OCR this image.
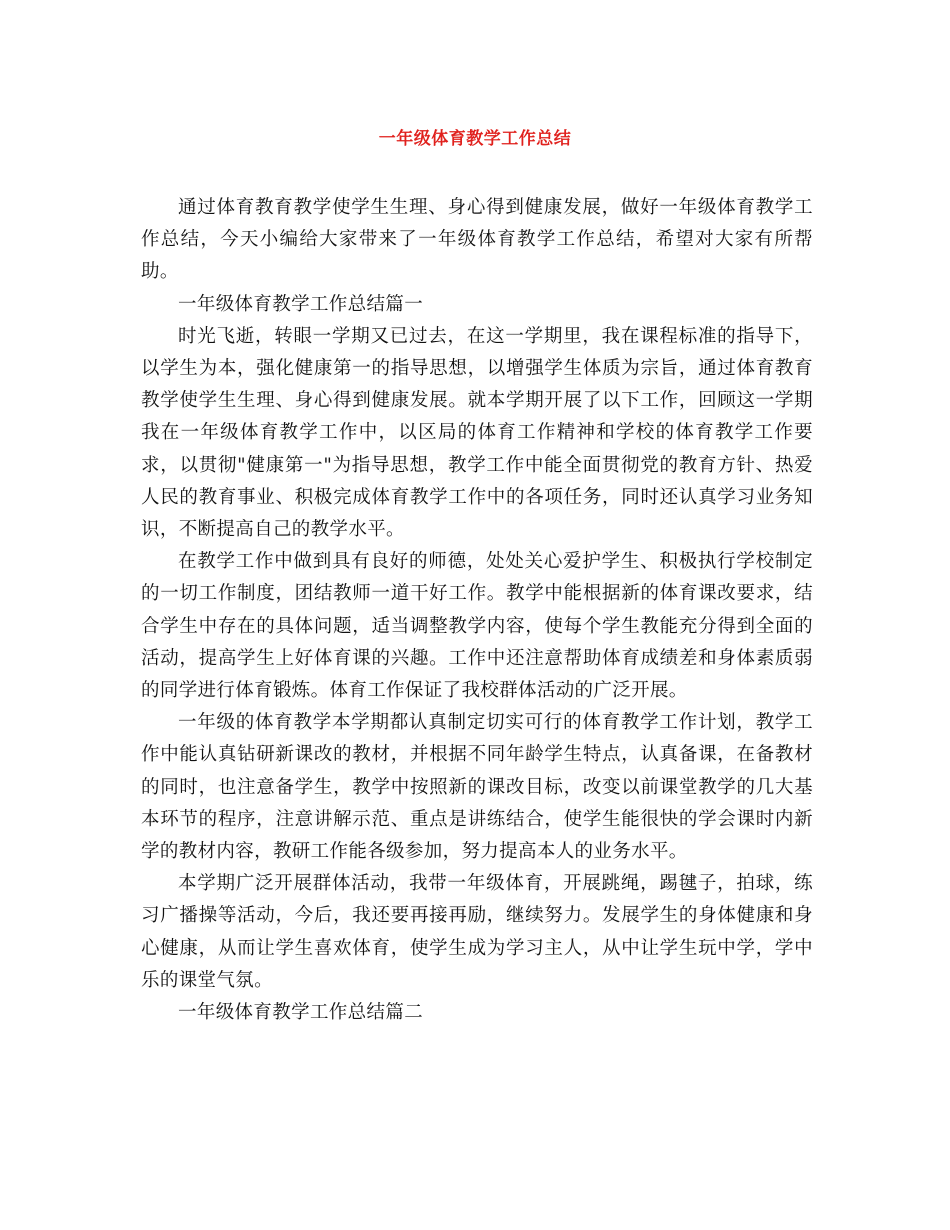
一年级体育教学工作总结

通过体育教育教学使学生生理、身心得到健康发展，做好一年级体育教学工作总结，今天小编给大家带来了一年级体育教学工作总结，希望对大家有所帮助。

一年级体育教学工作总结篇一

时光飞逝，转眼一学期又已过去，在这一学期里，我在课程标准的指导下，以学生为本，强化健康第一的指导思想，以增强学生体质为宗旨，通过体育教育教学使学生生理、身心得到健康发展。就本学期开展了以下工作，回顾这一学期我在一年级体育教学工作中，以区局的体育工作精神和学校的体育教学工作要求，以贯彻"健康第一"为指导思想，教学工作中能全面贯彻党的教育方针、热爱人民的教育事业、积极完成体育教学工作中的各项任务，同时还认真学习业务知识，不断提高自己的教学水平。

在教学工作中做到具有良好的师德，处处关心爱护学生、积极执行学校制定的一切工作制度，团结教师一道干好工作。教学中能根据新的体育课改要求，结合学生中存在的具体问题，适当调整教学内容，使每个学生教能充分得到全面的活动，提高学生上好体育课的兴趣。工作中还注意帮助体育成绩差和身体素质弱的同学进行体育锻炼。体育工作保证了我校群体活动的广泛开展。

一年级的体育教学本学期都认真制定切实可行的体育教学工作计划，教学工作中能认真钻研新课改的教材，并根据不同年龄学生特点，认真备课，在备教材的同时，也注意备学生，教学中按照新的课改目标，改变以前课堂教学的几大基本环节的程序，注意讲解示范、重点是讲练结合，使学生能很快的学会课时内新学的教材内容，教研工作能各级参加，努力提高本人的业务水平。

本学期广泛开展群体活动，我带一年级体育，开展跳绳，踢毽子，拍球，练习广播操等活动，今后，我还要再接再励，继续努力。发展学生的身体健康和身心健康，从而让学生喜欢体育，使学生成为学习主人，从中让学生玩中学，学中乐的课堂气氛。

一年级体育教学工作总结篇二
